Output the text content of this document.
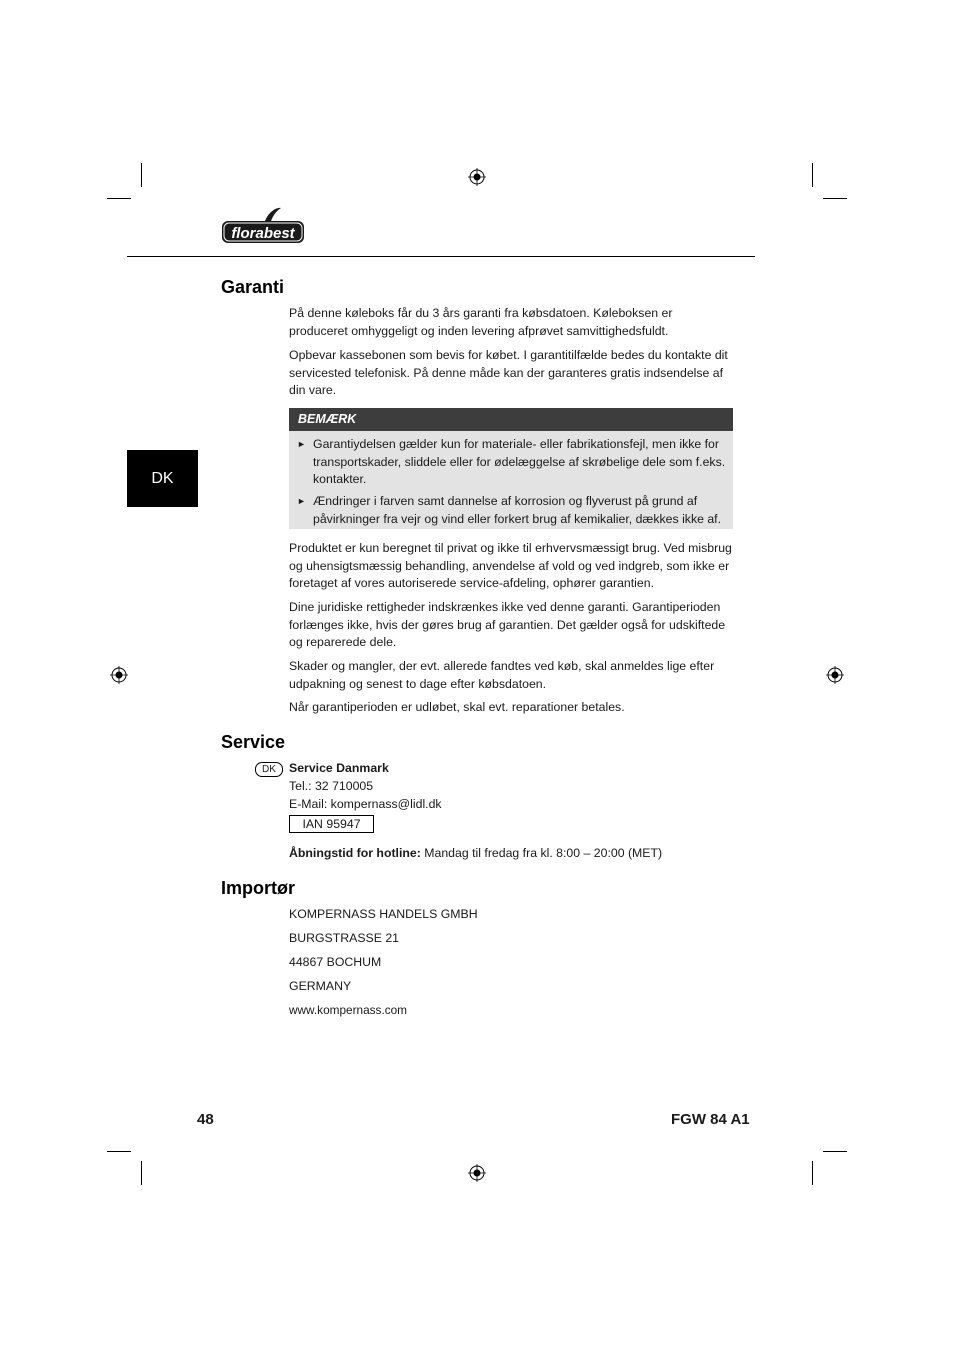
florabest
DK
Garanti

På denne køleboks får du 3 års garanti fra købsdatoen. Køleboksen er produceret omhyggeligt og inden levering afprøvet samvittighedsfuldt.

Opbevar kassebonen som bevis for købet. I garantitilfælde bedes du kontakte dit servicested telefonisk. På denne måde kan der garanteres gratis indsendelse af din vare.

BEMÆRK
► Garantiydelsen gælder kun for materiale- eller fabrikationsfejl, men ikke for transportskader, sliddele eller for ødelæggelse af skrøbelige dele som f.eks. kontakter.
► Ændringer i farven samt dannelse af korrosion og flyverust på grund af påvirkninger fra vejr og vind eller forkert brug af kemikalier, dækkes ikke af.

Produktet er kun beregnet til privat og ikke til erhvervsmæssigt brug. Ved misbrug og uhensigtsmæssig behandling, anvendelse af vold og ved indgreb, som ikke er foretaget af vores autoriserede service-afdeling, ophører garantien.

Dine juridiske rettigheder indskrænkes ikke ved denne garanti. Garantiperioden forlænges ikke, hvis der gøres brug af garantien. Det gælder også for udskiftede og reparerede dele.

Skader og mangler, der evt. allerede fandtes ved køb, skal anmeldes lige efter udpakning og senest to dage efter købsdatoen.

Når garantiperioden er udløbet, skal evt. reparationer betales.

Service
DK	Service Danmark
Tel.: 32 710005
E-Mail: kompernass@lidl.dk
IAN 95947
Åbningstid for hotline: Mandag til fredag fra kl. 8:00 – 20:00 (MET)
Importør
KOMPERNASS HANDELS GMBH
BURGSTRASSE 21
44867 BOCHUM
GERMANY
www.kompernass.com
48	FGW 84 A1
